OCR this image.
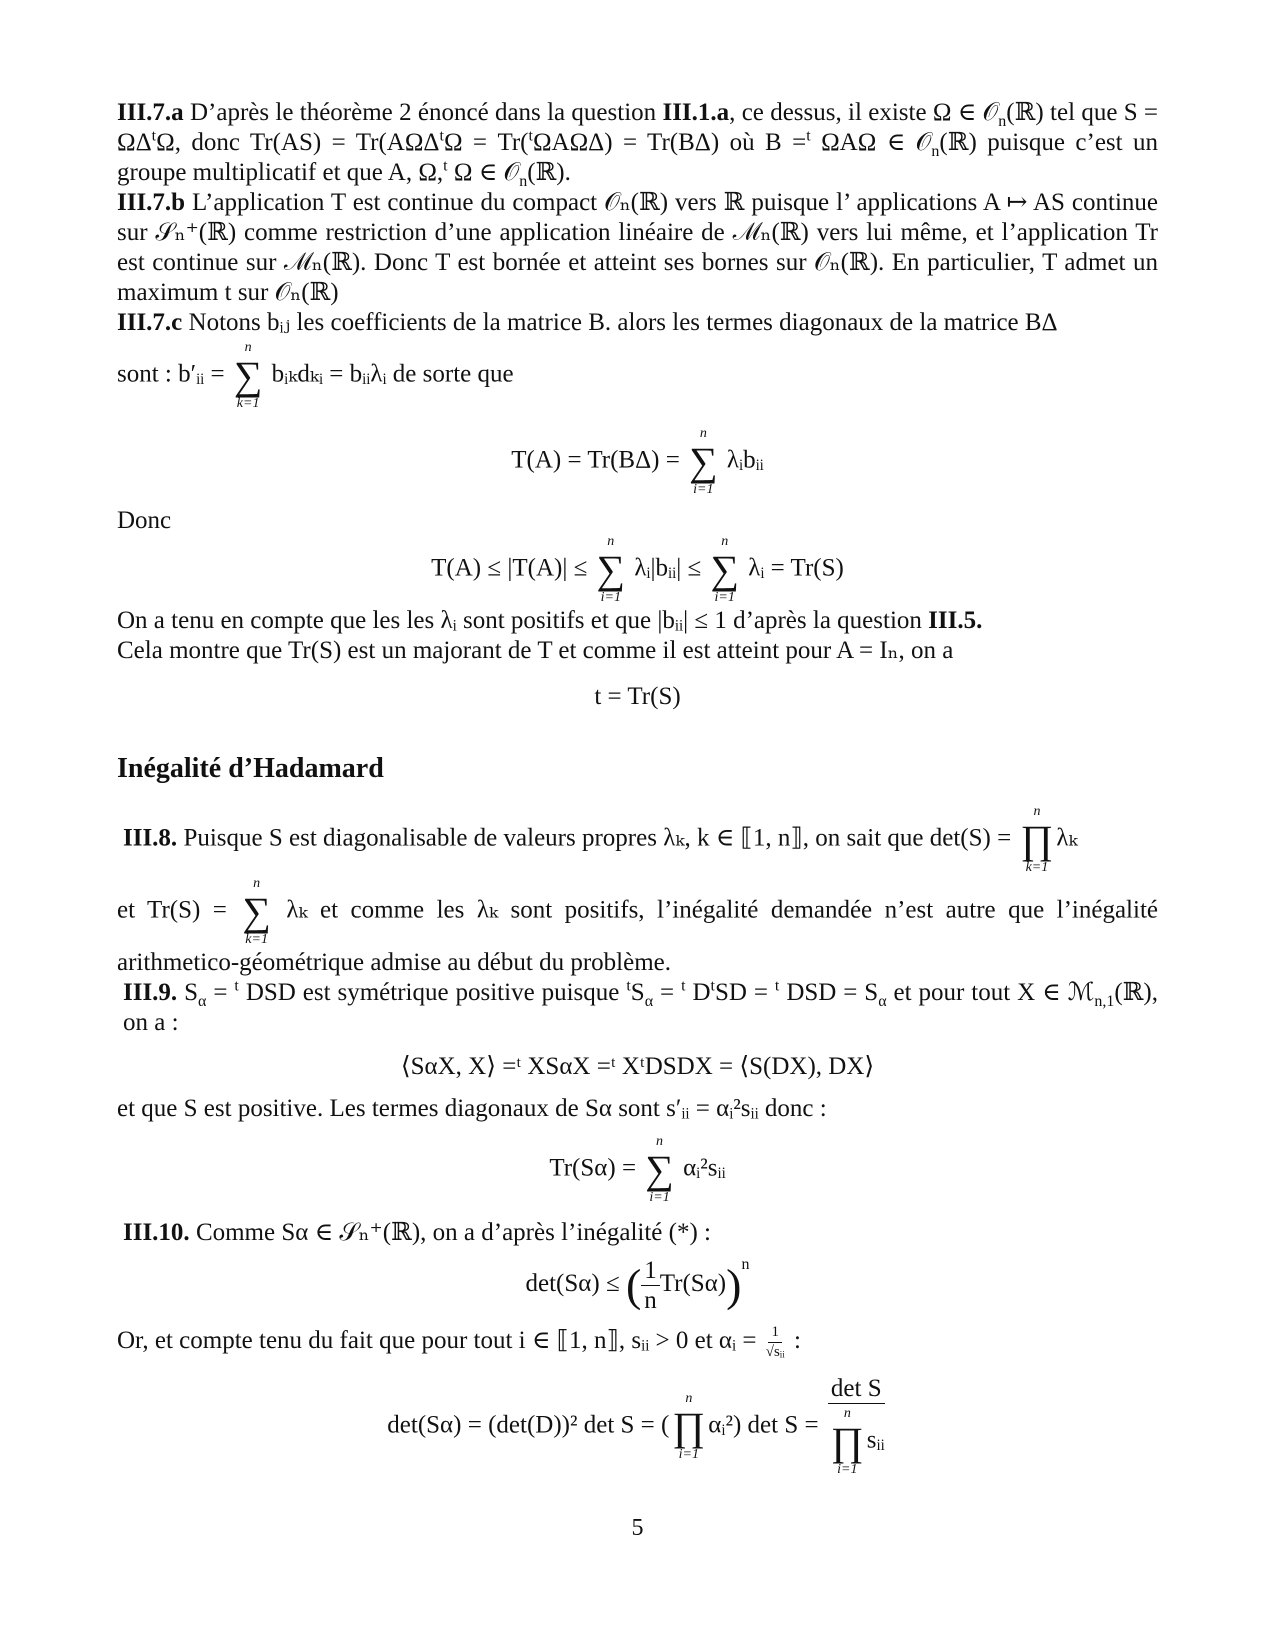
III.7.a D’après le théorème 2 énoncé dans la question III.1.a, ce dessus, il existe Ω ∈ 𝒪$_n$(ℝ) tel que $S = \Omega\Delta^t\Omega$, donc $Tr(AS) = Tr(A\Omega\Delta^t\Omega = Tr(^t\Omega A\Omega\Delta) = Tr(B\Delta)$ où B =$^t$ ΩAΩ ∈ 𝒪$_n$(ℝ) puisque c’est un groupe multiplicatif et que A, Ω,$^t$ Ω ∈ 𝒪$_n$(ℝ).

III.7.b L’application T est continue du compact 𝒪ₙ(ℝ) vers ℝ puisque l’ applications A ↦ AS continue sur 𝒮ₙ⁺(ℝ) comme restriction d’une application linéaire de ℳₙ(ℝ) vers lui même, et l’application Tr est continue sur ℳₙ(ℝ). Donc T est bornée et atteint ses bornes sur 𝒪ₙ(ℝ). En particulier, T admet un maximum t sur 𝒪ₙ(ℝ)

III.7.c Notons bᵢⱼ les coefficients de la matrice B. alors les termes diagonaux de la matrice BΔ

sont : b′ᵢᵢ =
n
∑
k=1
bᵢₖdₖᵢ = bᵢᵢλᵢ de sorte que

T(A) = Tr(BΔ) =
n
∑
i=1
λᵢbᵢᵢ

Donc

T(A) ≤ |T(A)| ≤
n
∑
i=1
λᵢ|bᵢᵢ| ≤
n
∑
i=1
λᵢ = Tr(S)

On a tenu en compte que les les λᵢ sont positifs et que |bᵢᵢ| ≤ 1 d’après la question III.5.

Cela montre que Tr(S) est un majorant de T et comme il est atteint pour A = Iₙ, on a

t = Tr(S)

Inégalité d’Hadamard

III.8. Puisque S est diagonalisable de valeurs propres λₖ, k ∈ ⟦1, n⟧, on sait que det(S) =
n
∏
k=1
λₖ

et Tr(S) =
n
∑
k=1
λₖ et comme les λₖ sont positifs, l’inégalité demandée n’est autre que l’inégalité arithmetico-géométrique admise au début du problème.

III.9. $S_\alpha = ^t$ DSD est symétrique positive puisque $^tS_\alpha = ^t$ $D^tSD = ^t$ DSD = $S_\alpha$ et pour tout X ∈ ℳ$_{n,1}$(ℝ), on a :

⟨SαX, X⟩ =ᵗ XSαX =ᵗ XᵗDSDX = ⟨S(DX), DX⟩

et que S est positive. Les termes diagonaux de Sα sont s′ᵢᵢ = αᵢ²sᵢᵢ donc :

Tr(Sα) =
n
∑
i=1
αᵢ²sᵢᵢ

III.10. Comme Sα ∈ 𝒮ₙ⁺(ℝ), on a d’après l’inégalité (*) :

det(Sα) ≤ ( $\frac{1}{n} Tr(S\alpha))^n$

Or, et compte tenu du fait que pour tout i ∈ ⟦1, n⟧, sᵢᵢ > 0 et αᵢ = $\frac{1}{\text{√sᵢᵢ}}$ :

det(Sα) = (det(D))² det S = (
n
∏
i=1
αᵢ²) det S = det S
n
∏
i=1
sᵢᵢ

5
